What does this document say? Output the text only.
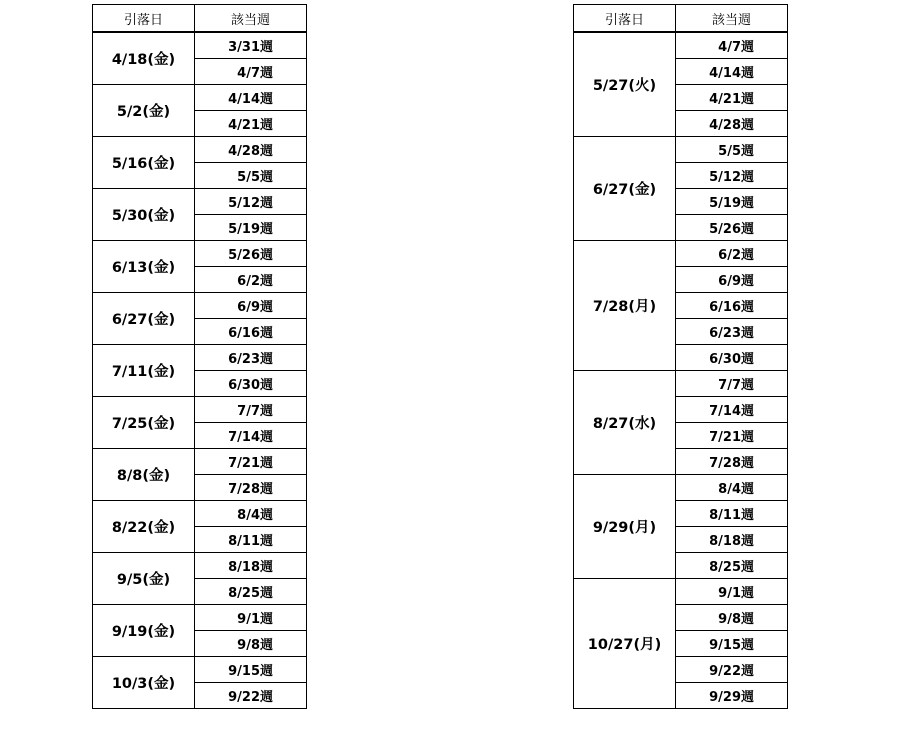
引落日	該当週
4/18(金)	3/31週
	4/7週
5/2(金)	4/14週
	4/21週
5/16(金)	4/28週
	5/5週
5/30(金)	5/12週
	5/19週
6/13(金)	5/26週
	6/2週
6/27(金)	6/9週
	6/16週
7/11(金)	6/23週
	6/30週
7/25(金)	7/7週
	7/14週
8/8(金)	7/21週
	7/28週
8/22(金)	8/4週
	8/11週
9/5(金)	8/18週
	8/25週
9/19(金)	9/1週
	9/8週
10/3(金)	9/15週
	9/22週
引落日	該当週
5/27(火)	4/7週
	4/14週
	4/21週
	4/28週
6/27(金)	5/5週
	5/12週
	5/19週
	5/26週
7/28(月)	6/2週
	6/9週
	6/16週
	6/23週
	6/30週
8/27(水)	7/7週
	7/14週
	7/21週
	7/28週
9/29(月)	8/4週
	8/11週
	8/18週
	8/25週
10/27(月)	9/1週
	9/8週
	9/15週
	9/22週
	9/29週
